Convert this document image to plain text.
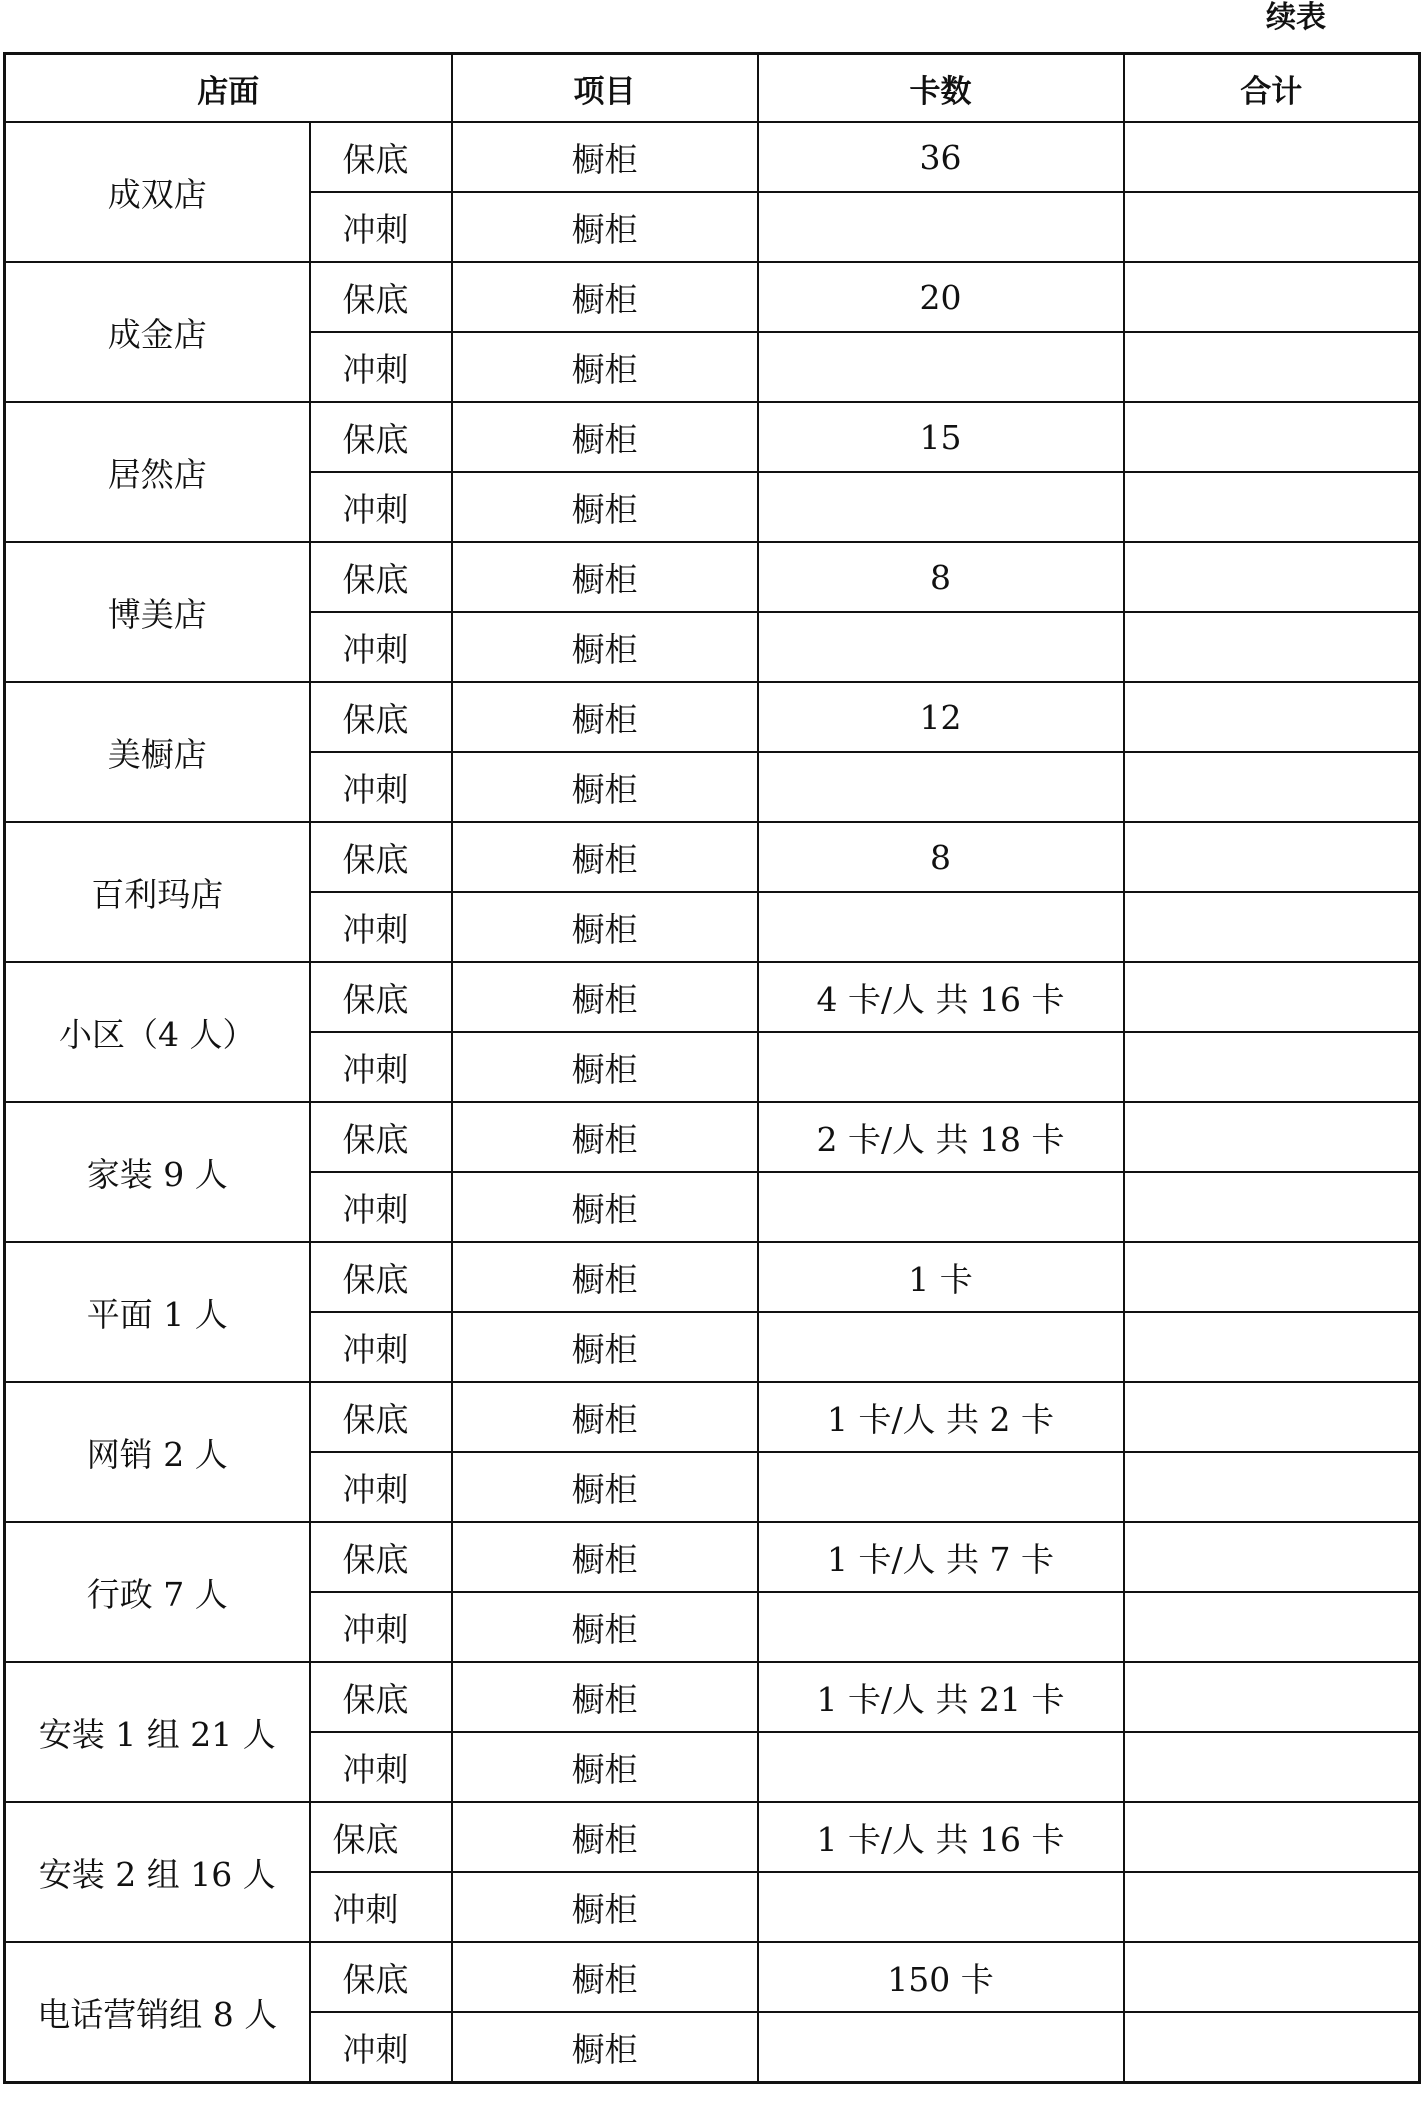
续表
店面		项目	卡数	合计
成双店	保底	橱柜	36	
	冲刺	橱柜		
成金店	保底	橱柜	20	
	冲刺	橱柜		
居然店	保底	橱柜	15	
	冲刺	橱柜		
博美店	保底	橱柜	8	
	冲刺	橱柜		
美橱店	保底	橱柜	12	
	冲刺	橱柜		
百利玛店	保底	橱柜	8	
	冲刺	橱柜		
小区（4 人）	保底	橱柜	4 卡/人 共 16 卡	
	冲刺	橱柜		
家装 9 人	保底	橱柜	2 卡/人 共 18 卡	
	冲刺	橱柜		
平面 1 人	保底	橱柜	1 卡	
	冲刺	橱柜		
网销 2 人	保底	橱柜	1 卡/人 共 2 卡	
	冲刺	橱柜		
行政 7 人	保底	橱柜	1 卡/人 共 7 卡	
	冲刺	橱柜		
安装 1 组 21 人	保底	橱柜	1 卡/人 共 21 卡	
	冲刺	橱柜		
安装 2 组 16 人	保底	橱柜	1 卡/人 共 16 卡	
	冲刺	橱柜		
电话营销组 8 人	保底	橱柜	150 卡	
	冲刺	橱柜		
